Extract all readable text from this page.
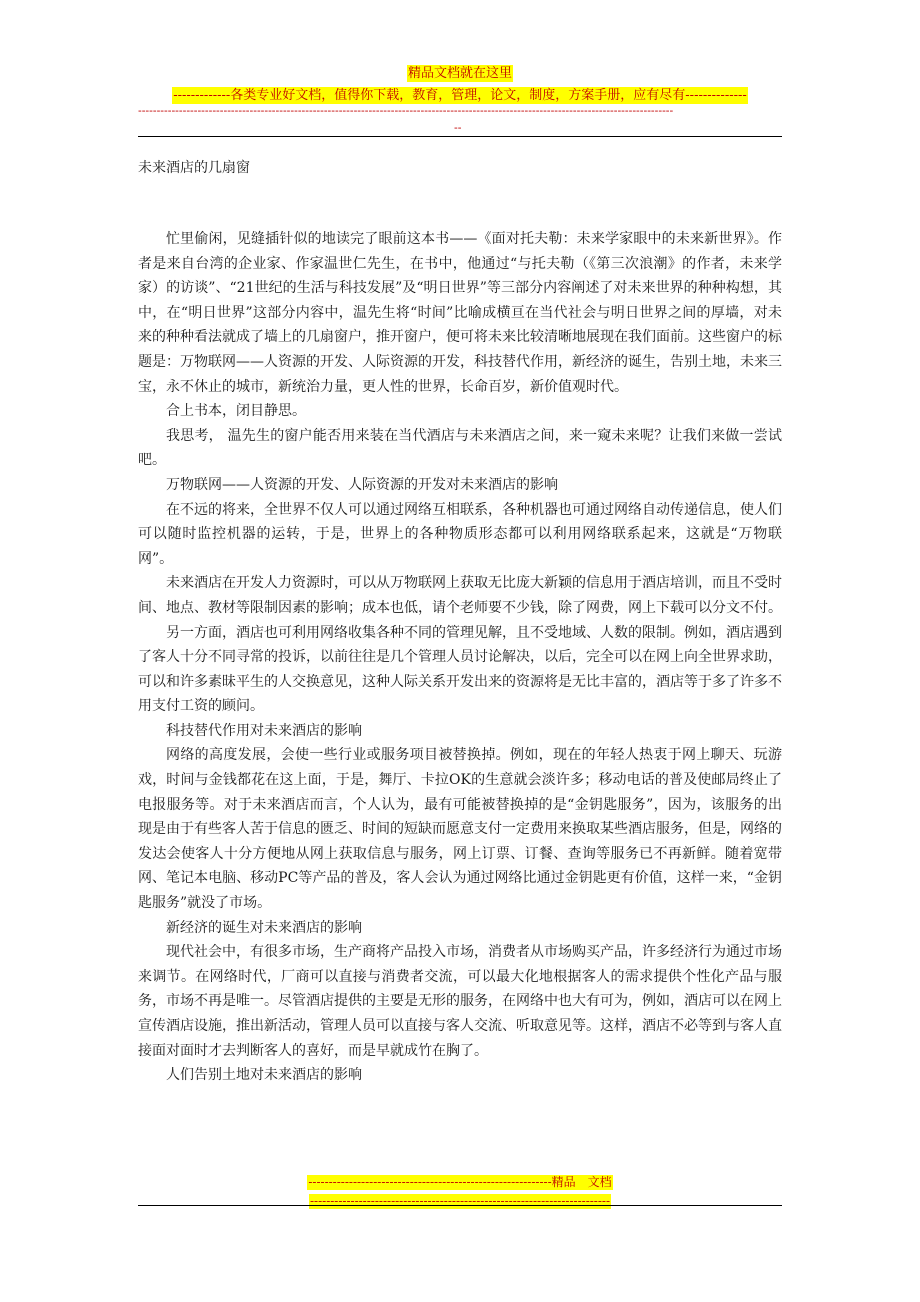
精品文档就在这里
-------------各类专业好文档，值得你下载，教育，管理，论文，制度，方案手册，应有尽有--------------
------------------------------------------------------------------------------------------------------------------------------------------------
--
未来酒店的几扇窗

忙里偷闲，见缝插针似的地读完了眼前这本书——《面对托夫勒：未来学家眼中的未来新世界》。作者是来自台湾的企业家、作家温世仁先生，在书中，他通过“与托夫勒（《第三次浪潮》的作者，未来学家）的访谈”、“21世纪的生活与科技发展”及“明日世界”等三部分内容阐述了对未来世界的种种构想，其中，在“明日世界”这部分内容中，温先生将“时间”比喻成横亘在当代社会与明日世界之间的厚墙，对未来的种种看法就成了墙上的几扇窗户，推开窗户，便可将未来比较清晰地展现在我们面前。这些窗户的标题是：万物联网——人资源的开发、人际资源的开发，科技替代作用，新经济的诞生，告别土地，未来三宝，永不休止的城市，新统治力量，更人性的世界，长命百岁，新价值观时代。

合上书本，闭目静思。

我思考， 温先生的窗户能否用来装在当代酒店与未来酒店之间，来一窥未来呢？让我们来做一尝试吧。

万物联网——人资源的开发、人际资源的开发对未来酒店的影响

在不远的将来，全世界不仅人可以通过网络互相联系，各种机器也可通过网络自动传递信息，使人们可以随时监控机器的运转，于是，世界上的各种物质形态都可以利用网络联系起来，这就是“万物联网”。

未来酒店在开发人力资源时，可以从万物联网上获取无比庞大新颖的信息用于酒店培训，而且不受时间、地点、教材等限制因素的影响；成本也低，请个老师要不少钱，除了网费，网上下载可以分文不付。

另一方面，酒店也可利用网络收集各种不同的管理见解，且不受地域、人数的限制。例如，酒店遇到了客人十分不同寻常的投诉，以前往往是几个管理人员讨论解决，以后，完全可以在网上向全世界求助，可以和许多素昧平生的人交换意见，这种人际关系开发出来的资源将是无比丰富的，酒店等于多了许多不用支付工资的顾问。

科技替代作用对未来酒店的影响

网络的高度发展，会使一些行业或服务项目被替换掉。例如，现在的年轻人热衷于网上聊天、玩游戏，时间与金钱都花在这上面，于是，舞厅、卡拉OK的生意就会淡许多；移动电话的普及使邮局终止了电报服务等。对于未来酒店而言，个人认为，最有可能被替换掉的是“金钥匙服务”，因为，该服务的出现是由于有些客人苦于信息的匮乏、时间的短缺而愿意支付一定费用来换取某些酒店服务，但是，网络的发达会使客人十分方便地从网上获取信息与服务，网上订票、订餐、查询等服务已不再新鲜。随着宽带网、笔记本电脑、移动PC等产品的普及，客人会认为通过网络比通过金钥匙更有价值，这样一来，“金钥匙服务”就没了市场。

新经济的诞生对未来酒店的影响

现代社会中，有很多市场，生产商将产品投入市场，消费者从市场购买产品，许多经济行为通过市场来调节。在网络时代，厂商可以直接与消费者交流，可以最大化地根据客人的需求提供个性化产品与服务，市场不再是唯一。尽管酒店提供的主要是无形的服务，在网络中也大有可为，例如，酒店可以在网上宣传酒店设施，推出新活动，管理人员可以直接与客人交流、听取意见等。这样，酒店不必等到与客人直接面对面时才去判断客人的喜好，而是早就成竹在胸了。

人们告别土地对未来酒店的影响

------------------------------------------------------------精品　文档
--------------------------------------------------------------------------
